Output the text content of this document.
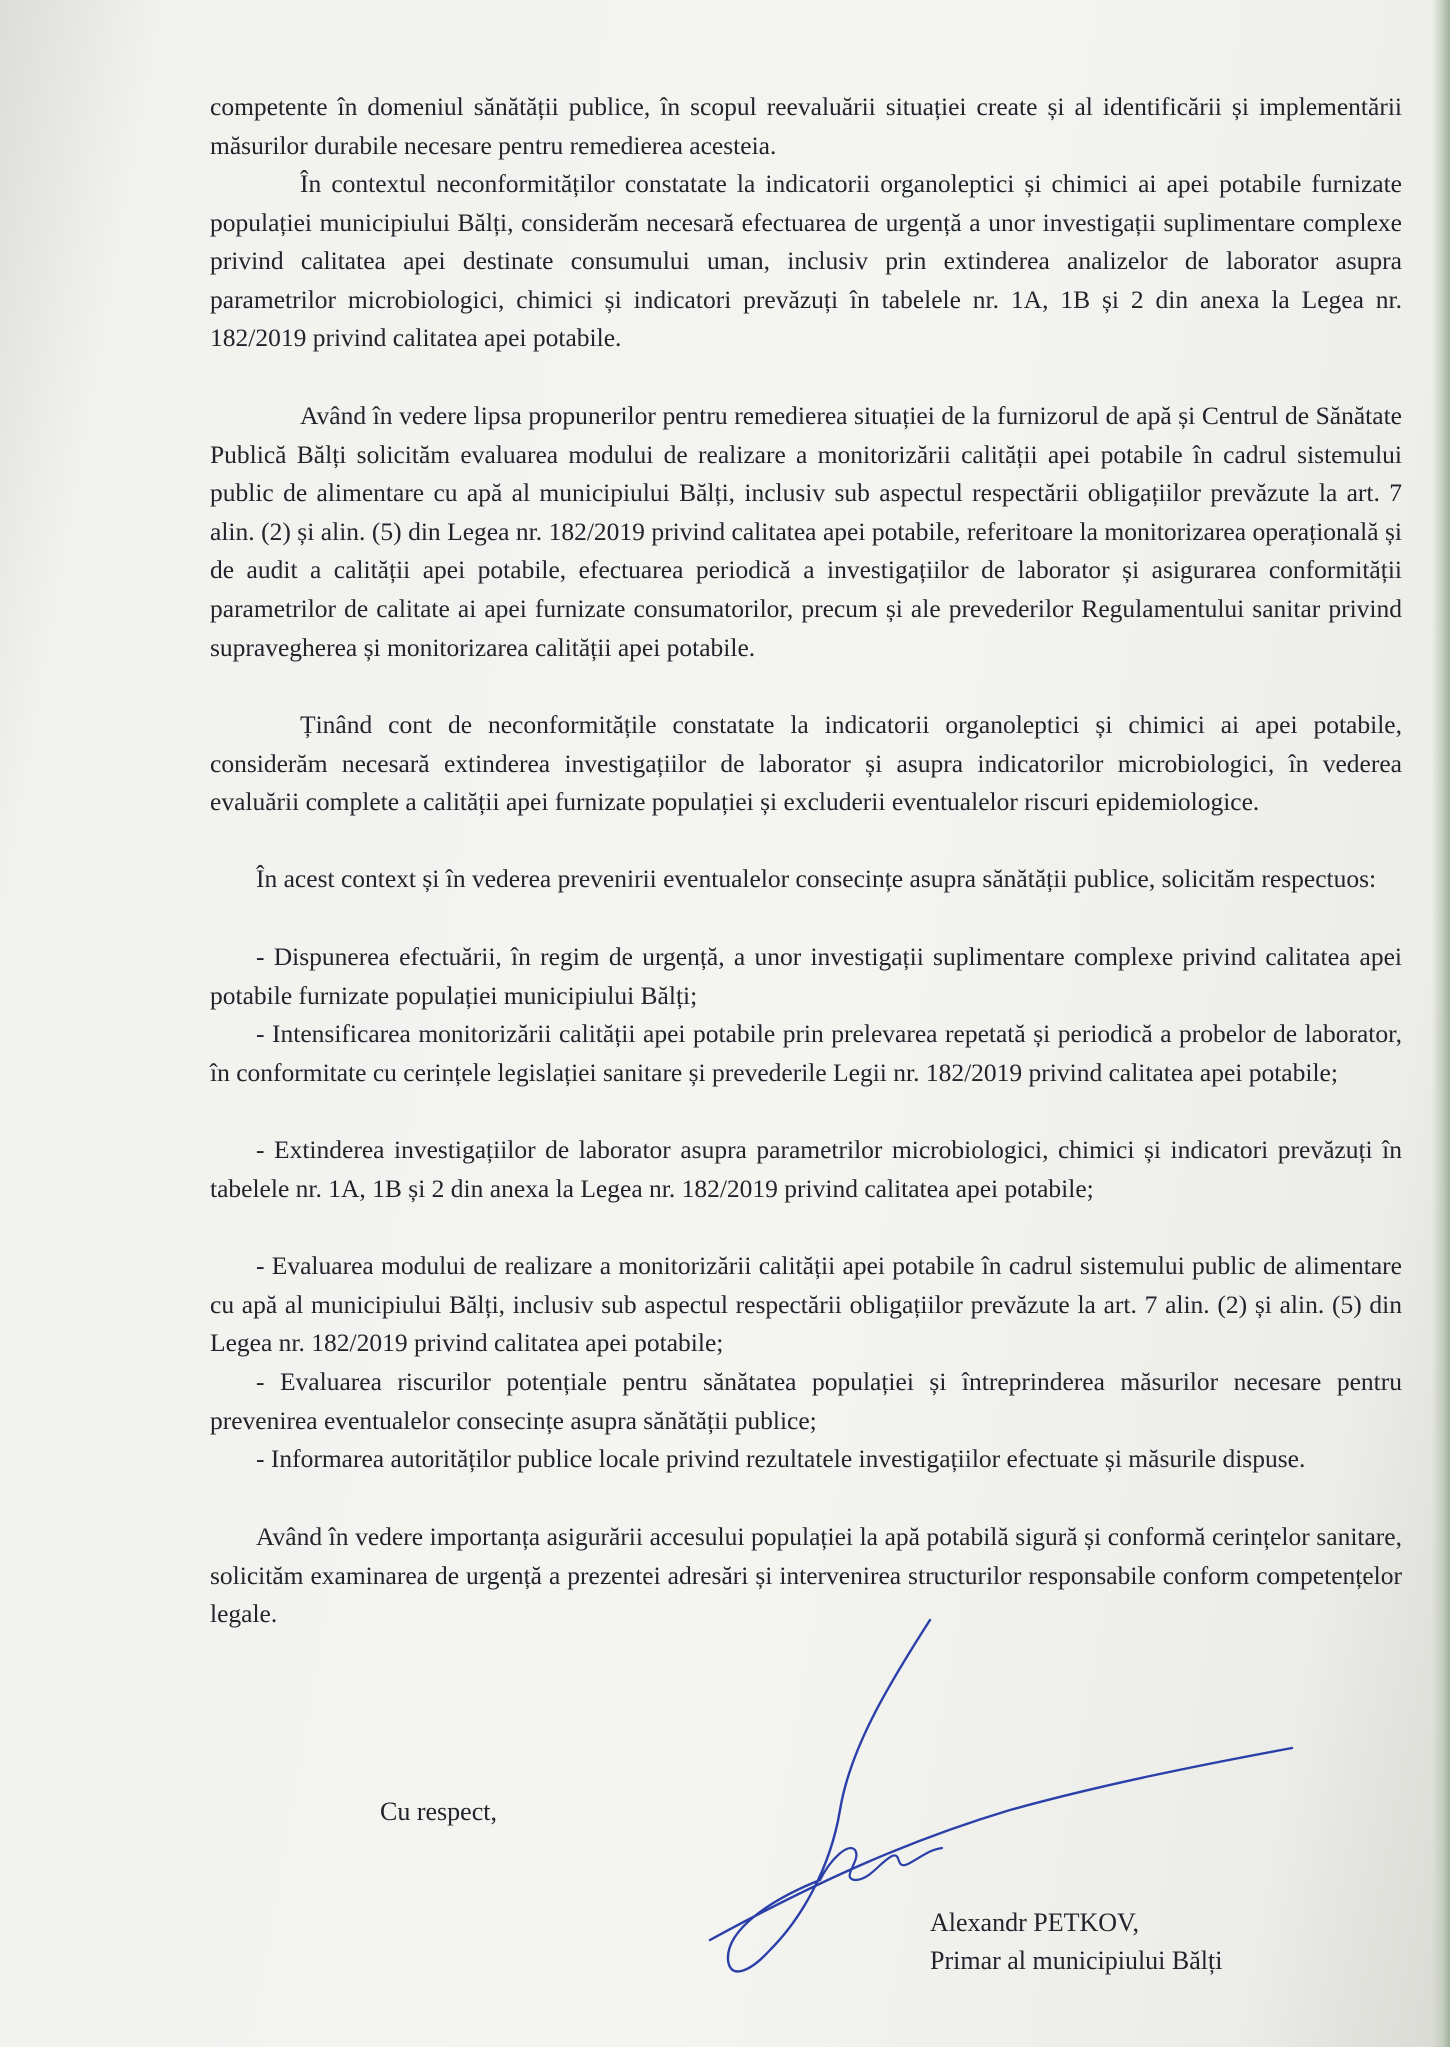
competente în domeniul sănătății publice, în scopul reevaluării situației create și al identificării și implementării măsurilor durabile necesare pentru remedierea acesteia.

În contextul neconformităților constatate la indicatorii organoleptici și chimici ai apei potabile furnizate populației municipiului Bălți, considerăm necesară efectuarea de urgență a unor investigații suplimentare complexe privind calitatea apei destinate consumului uman, inclusiv prin extinderea analizelor de laborator asupra parametrilor microbiologici, chimici și indicatori prevăzuți în tabelele nr. 1A, 1B și 2 din anexa la Legea nr. 182/2019 privind calitatea apei potabile.

Având în vedere lipsa propunerilor pentru remedierea situației de la furnizorul de apă și Centrul de Sănătate Publică Bălți solicităm evaluarea modului de realizare a monitorizării calității apei potabile în cadrul sistemului public de alimentare cu apă al municipiului Bălți, inclusiv sub aspectul respectării obligațiilor prevăzute la art. 7 alin. (2) și alin. (5) din Legea nr. 182/2019 privind calitatea apei potabile, referitoare la monitorizarea operațională și de audit a calității apei potabile, efectuarea periodică a investigațiilor de laborator și asigurarea conformității parametrilor de calitate ai apei furnizate consumatorilor, precum și ale prevederilor Regulamentului sanitar privind supravegherea și monitorizarea calității apei potabile.

Ținând cont de neconformitățile constatate la indicatorii organoleptici și chimici ai apei potabile, considerăm necesară extinderea investigațiilor de laborator și asupra indicatorilor microbiologici, în vederea evaluării complete a calității apei furnizate populației și excluderii eventualelor riscuri epidemiologice.

În acest context și în vederea prevenirii eventualelor consecințe asupra sănătății publice, solicităm respectuos:

- Dispunerea efectuării, în regim de urgență, a unor investigații suplimentare complexe privind calitatea apei potabile furnizate populației municipiului Bălți;

- Intensificarea monitorizării calității apei potabile prin prelevarea repetată și periodică a probelor de laborator, în conformitate cu cerințele legislației sanitare și prevederile Legii nr. 182/2019 privind calitatea apei potabile;

- Extinderea investigațiilor de laborator asupra parametrilor microbiologici, chimici și indicatori prevăzuți în tabelele nr. 1A, 1B și 2 din anexa la Legea nr. 182/2019 privind calitatea apei potabile;

- Evaluarea modului de realizare a monitorizării calității apei potabile în cadrul sistemului public de alimentare cu apă al municipiului Bălți, inclusiv sub aspectul respectării obligațiilor prevăzute la art. 7 alin. (2) și alin. (5) din Legea nr. 182/2019 privind calitatea apei potabile;

- Evaluarea riscurilor potențiale pentru sănătatea populației și întreprinderea măsurilor necesare pentru prevenirea eventualelor consecințe asupra sănătății publice;

- Informarea autorităților publice locale privind rezultatele investigațiilor efectuate și măsurile dispuse.

Având în vedere importanța asigurării accesului populației la apă potabilă sigură și conformă cerințelor sanitare, solicităm examinarea de urgență a prezentei adresări și intervenirea structurilor responsabile conform competențelor legale.

Cu respect,
Alexandr PETKOV,
Primar al municipiului Bălți
